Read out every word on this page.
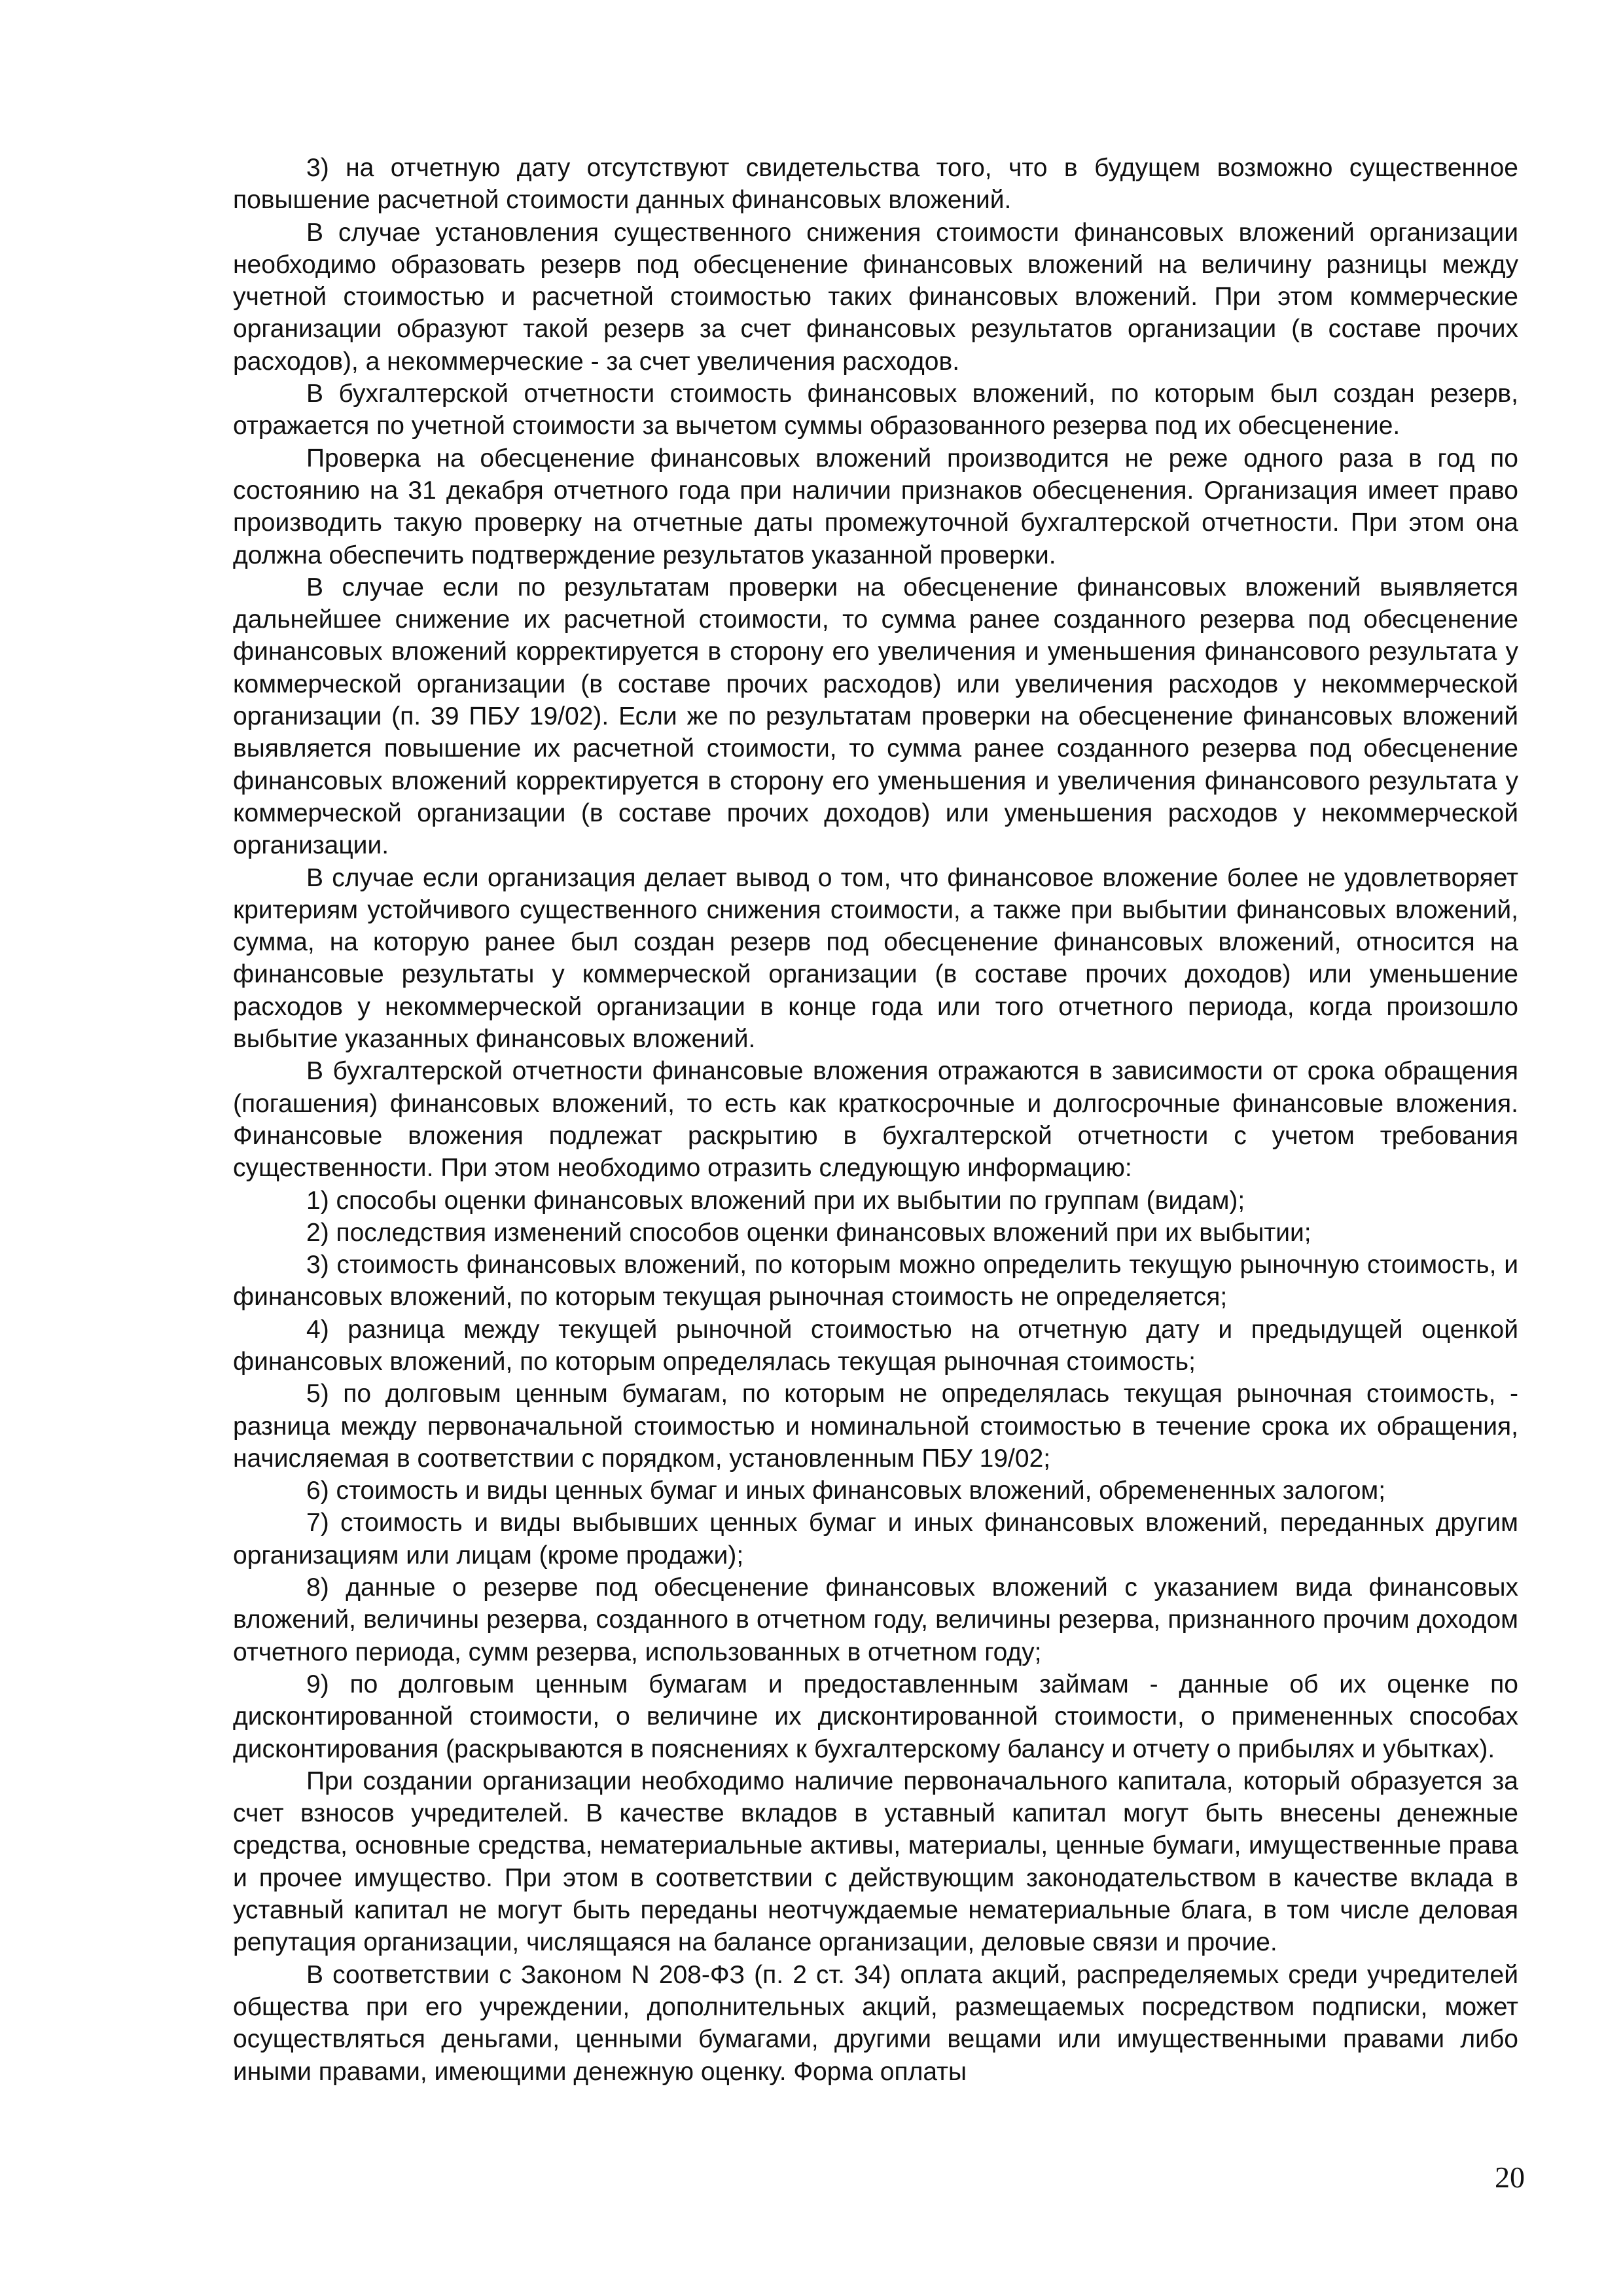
3) на отчетную дату отсутствуют свидетельства того, что в будущем возможно существенное повышение расчетной стоимости данных финансовых вложений.

В случае установления существенного снижения стоимости финансовых вложений организации необходимо образовать резерв под обесценение финансовых вложений на величину разницы между учетной стоимостью и расчетной стоимостью таких финансовых вложений. При этом коммерческие организации образуют такой резерв за счет финансовых результатов организации (в составе прочих расходов), а некоммерческие - за счет увеличения расходов.

В бухгалтерской отчетности стоимость финансовых вложений, по которым был создан резерв, отражается по учетной стоимости за вычетом суммы образованного резерва под их обесценение.

Проверка на обесценение финансовых вложений производится не реже одного раза в год по состоянию на 31 декабря отчетного года при наличии признаков обесценения. Организация имеет право производить такую проверку на отчетные даты промежуточной бухгалтерской отчетности. При этом она должна обеспечить подтверждение результатов указанной проверки.

В случае если по результатам проверки на обесценение финансовых вложений выявляется дальнейшее снижение их расчетной стоимости, то сумма ранее созданного резерва под обесценение финансовых вложений корректируется в сторону его увеличения и уменьшения финансового результата у коммерческой организации (в составе прочих расходов) или увеличения расходов у некоммерческой организации (п. 39 ПБУ 19/02). Если же по результатам проверки на обесценение финансовых вложений выявляется повышение их расчетной стоимости, то сумма ранее созданного резерва под обесценение финансовых вложений корректируется в сторону его уменьшения и увеличения финансового результата у коммерческой организации (в составе прочих доходов) или уменьшения расходов у некоммерческой организации.

В случае если организация делает вывод о том, что финансовое вложение более не удовлетворяет критериям устойчивого существенного снижения стоимости, а также при выбытии финансовых вложений, сумма, на которую ранее был создан резерв под обесценение финансовых вложений, относится на финансовые результаты у коммерческой организации (в составе прочих доходов) или уменьшение расходов у некоммерческой организации в конце года или того отчетного периода, когда произошло выбытие указанных финансовых вложений.

В бухгалтерской отчетности финансовые вложения отражаются в зависимости от срока обращения (погашения) финансовых вложений, то есть как краткосрочные и долгосрочные финансовые вложения. Финансовые вложения подлежат раскрытию в бухгалтерской отчетности с учетом требования существенности. При этом необходимо отразить следующую информацию:

1) способы оценки финансовых вложений при их выбытии по группам (видам);

2) последствия изменений способов оценки финансовых вложений при их выбытии;

3) стоимость финансовых вложений, по которым можно определить текущую рыночную стоимость, и финансовых вложений, по которым текущая рыночная стоимость не определяется;

4) разница между текущей рыночной стоимостью на отчетную дату и предыдущей оценкой финансовых вложений, по которым определялась текущая рыночная стоимость;

5) по долговым ценным бумагам, по которым не определялась текущая рыночная стоимость, - разница между первоначальной стоимостью и номинальной стоимостью в течение срока их обращения, начисляемая в соответствии с порядком, установленным ПБУ 19/02;

6) стоимость и виды ценных бумаг и иных финансовых вложений, обремененных залогом;

7) стоимость и виды выбывших ценных бумаг и иных финансовых вложений, переданных другим организациям или лицам (кроме продажи);

8) данные о резерве под обесценение финансовых вложений с указанием вида финансовых вложений, величины резерва, созданного в отчетном году, величины резерва, признанного прочим доходом отчетного периода, сумм резерва, использованных в отчетном году;

9) по долговым ценным бумагам и предоставленным займам - данные об их оценке по дисконтированной стоимости, о величине их дисконтированной стоимости, о примененных способах дисконтирования (раскрываются в пояснениях к бухгалтерскому балансу и отчету о прибылях и убытках).

При создании организации необходимо наличие первоначального капитала, который образуется за счет взносов учредителей. В качестве вкладов в уставный капитал могут быть внесены денежные средства, основные средства, нематериальные активы, материалы, ценные бумаги, имущественные права и прочее имущество. При этом в соответствии с действующим законодательством в качестве вклада в уставный капитал не могут быть переданы неотчуждаемые нематериальные блага, в том числе деловая репутация организации, числящаяся на балансе организации, деловые связи и прочие.

В соответствии с Законом N 208-ФЗ (п. 2 ст. 34) оплата акций, распределяемых среди учредителей общества при его учреждении, дополнительных акций, размещаемых посредством подписки, может осуществляться деньгами, ценными бумагами, другими вещами или имущественными правами либо иными правами, имеющими денежную оценку. Форма оплаты

20
